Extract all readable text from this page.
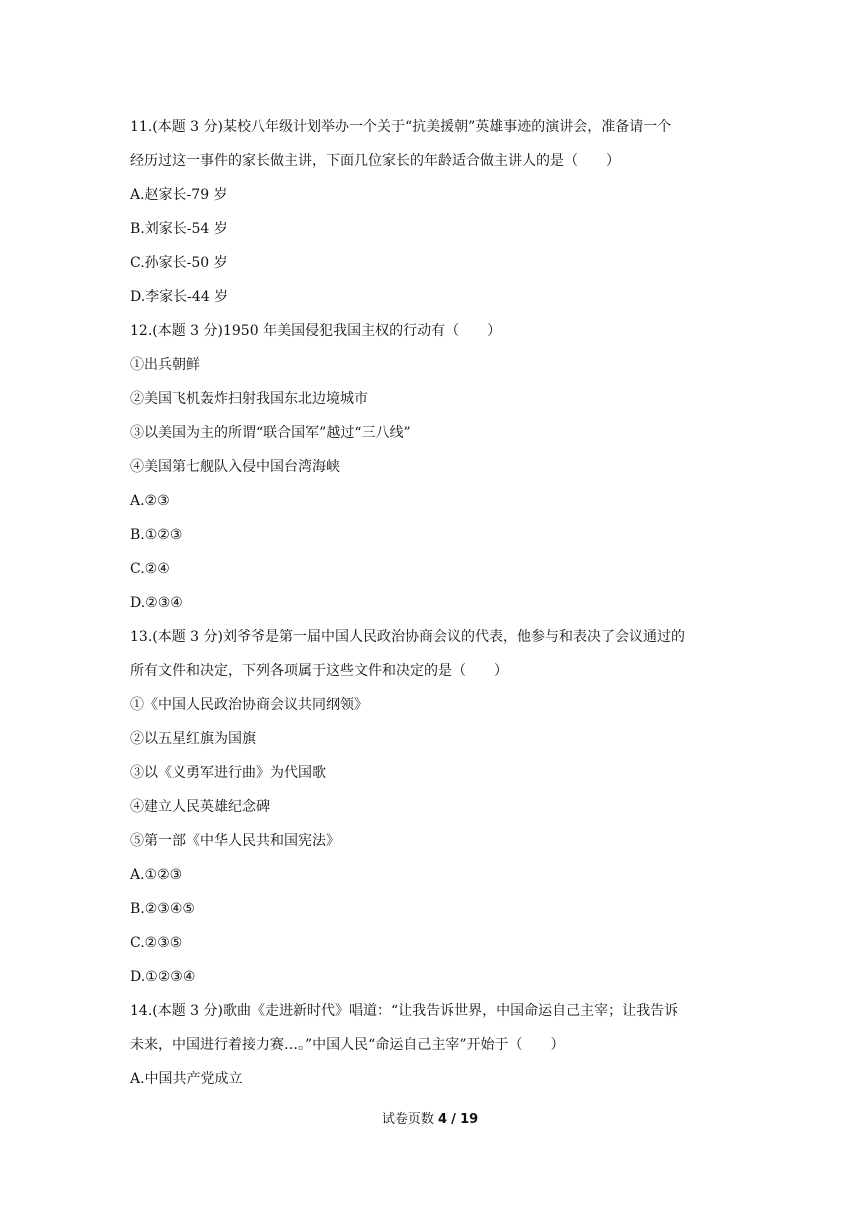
11.(本题 3 分)某校八年级计划举办一个关于“抗美援朝”英雄事迹的演讲会，准备请一个
经历过这一事件的家长做主讲，下面几位家长的年龄适合做主讲人的是（　　）
A.赵家长-79 岁
B.刘家长-54 岁
C.孙家长-50 岁
D.李家长-44 岁
12.(本题 3 分)1950 年美国侵犯我国主权的行动有（　　）
①出兵朝鲜
②美国飞机轰炸扫射我国东北边境城市
③以美国为主的所谓“联合国军”越过“三八线”
④美国第七舰队入侵中国台湾海峡
A.②③
B.①②③
C.②④
D.②③④
13.(本题 3 分)刘爷爷是第一届中国人民政治协商会议的代表，他参与和表决了会议通过的
所有文件和决定，下列各项属于这些文件和决定的是（　　）
①《中国人民政治协商会议共同纲领》
②以五星红旗为国旗
③以《义勇军进行曲》为代国歌
④建立人民英雄纪念碑
⑤第一部《中华人民共和国宪法》
A.①②③
B.②③④⑤
C.②③⑤
D.①②③④
14.(本题 3 分)歌曲《走进新时代》唱道：“让我告诉世界，中国命运自己主宰；让我告诉
未来，中国进行着接力赛…。”中国人民“命运自己主宰”开始于（　　）
A.中国共产党成立
试卷页数 4 / 19
